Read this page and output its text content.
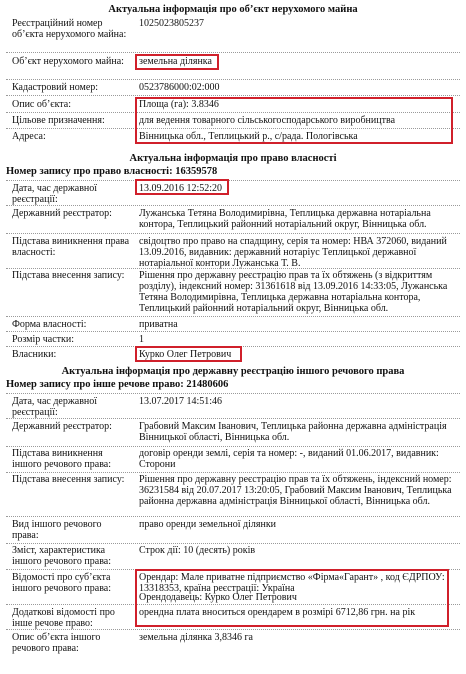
Актуальна інформація про об’єкт нерухомого майна
Реєстраційний номер об’єкта нерухомого майна:
1025023805237
Об’єкт нерухомого майна:	земельна ділянка
Кадастровий номер:	0523786000:02:000
Опис об’єкта:	Площа (га): 3.8346
Цільове призначення:	для ведення товарного сільськогосподарського виробництва
Адреса:	Вінницька обл., Теплицький р., с/рада. Пологівська
Актуальна інформація про право власності
Номер запису про право власності: 16359578
Дата, час державної реєстрації:
13.09.2016 12:52:20
Державний реєстратор:	Лужанська Тетяна Володимирівна, Теплицька державна нотаріальна контора, Теплицький районний нотаріальний округ, Вінницька обл.
Підстава виникнення права власності:
свідоцтво про право на спадщину, серія та номер: НВА 372060, виданий 13.09.2016, видавник: державний нотаріус Теплицької державної нотаріальної контори Лужанська Т. В.
Підстава внесення запису:	Рішення про державну реєстрацію прав та їх обтяжень (з відкриттям розділу), індексний номер: 31361618 від 13.09.2016 14:33:05, Лужанська Тетяна Володимирівна, Теплицька державна нотаріальна контора, Теплицький районний нотаріальний округ, Вінницька обл.
Форма власності:	приватна
Розмір частки:	1
Власники:	Курко Олег Петрович
Актуальна інформація про державну реєстрацію іншого речового права
Номер запису про інше речове право: 21480606
Дата, час державної реєстрації:
13.07.2017 14:51:46
Державний реєстратор:	Грабовий Максим Іванович, Теплицька районна державна адміністрація Вінницької області, Вінницька обл.
Підстава виникнення іншого речового права:
договір оренди землі, серія та номер: -, виданий 01.06.2017, видавник: Сторони
Підстава внесення запису:	Рішення про державну реєстрацію прав та їх обтяжень, індексний номер: 36231584 від 20.07.2017 13:20:05, Грабовий Максим Іванович, Теплицька районна державна адміністрація Вінницької області, Вінницька обл.
Вид іншого речового права:
право оренди земельної ділянки
Зміст, характеристика іншого речового права:
Строк дії: 10 (десять) років
Відомості про суб’єкта іншого речового права:
Орендар: Мале приватне підприємство «Фірма«Гарант» , код ЄДРПОУ: 13318353, країна реєстрації: Україна
Орендодавець: Курко Олег Петрович
Додаткові відомості про інше речове право:
орендна плата вноситься орендарем в розмірі 6712,86 грн. на рік
Опис об’єкта іншого речового права:
земельна ділянка 3,8346 га
